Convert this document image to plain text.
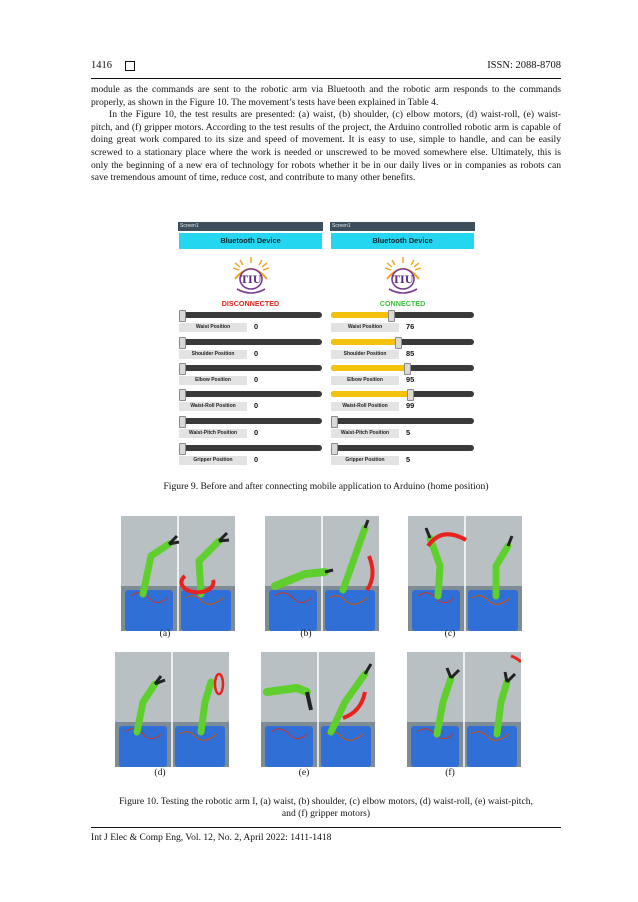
1416	ISSN: 2088-8708

module as the commands are sent to the robotic arm via Bluetooth and the robotic arm responds to the commands properly, as shown in the Figure 10. The movement’s tests have been explained in Table 4.

In the Figure 10, the test results are presented: (a) waist, (b) shoulder, (c) elbow motors, (d) waist-roll, (e) waist-pitch, and (f) gripper motors. According to the test results of the project, the Arduino controlled robotic arm is capable of doing great work compared to its size and speed of movement. It is easy to use, simple to handle, and can be easily screwed to a stationary place where the work is needed or unscrewed to be moved somewhere else. Ultimately, this is only the beginning of a new era of technology for robots whether it be in our daily lives or in companies as robots can save tremendous amount of time, reduce cost, and contribute to many other benefits.

Screen1
Bluetooth Device
TIU
DISCONNECTED
Waist Position	0
Shoulder Position	0
Elbow Position	0
Waist-Roll Position	0
Waist-Pitch Position	0
Gripper Position	0
Screen1
Bluetooth Device
TIU
CONNECTED
Waist Position	76
Shoulder Position	85
Elbow Position	95
Waist-Roll Position	99
Waist-Pitch Position	5
Gripper Position	5
Figure 9. Before and after connecting mobile application to Arduino (home position)
(a)	(b)	(c)
(d)	(e)	(f)
Figure 10. Testing the robotic arm I, (a) waist, (b) shoulder, (c) elbow motors, (d) waist-roll, (e) waist-pitch,
and (f) gripper motors)
Int J Elec & Comp Eng, Vol. 12, No. 2, April 2022: 1411-1418
